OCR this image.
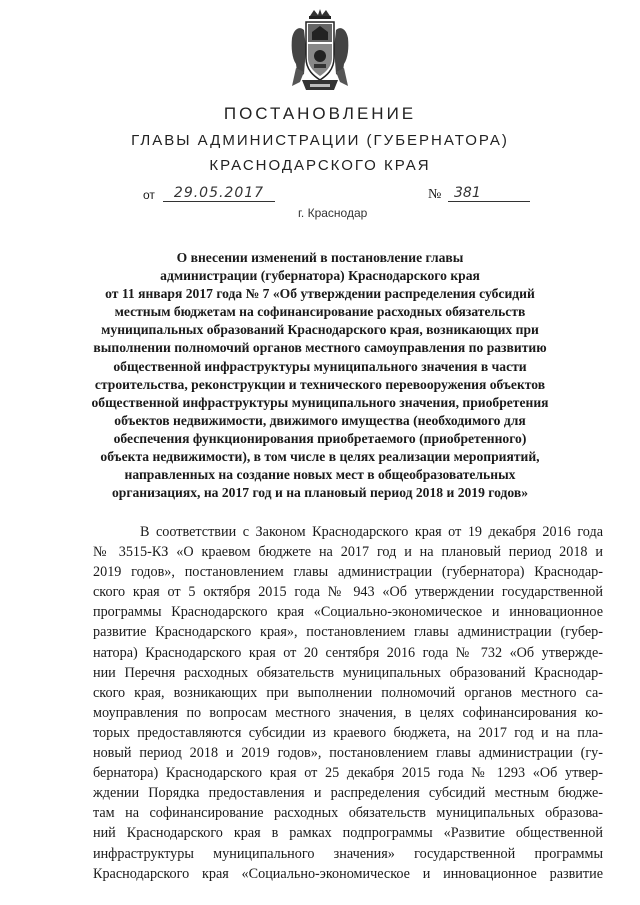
ПОСТАНОВЛЕНИЕ
ГЛАВЫ АДМИНИСТРАЦИИ (ГУБЕРНАТОРА)
КРАСНОДАРСКОГО КРАЯ
от	29.05.2017	№ 381
г. Краснодар
О внесении изменений в постановление главы
администрации (губернатора) Краснодарского края
от 11 января 2017 года № 7 «Об утверждении распределения субсидий
местным бюджетам на софинансирование расходных обязательств
муниципальных образований Краснодарского края, возникающих при
выполнении полномочий органов местного самоуправления по развитию
общественной инфраструктуры муниципального значения в части
строительства, реконструкции и технического перевооружения объектов
общественной инфраструктуры муниципального значения, приобретения
объектов недвижимости, движимого имущества (необходимого для
обеспечения функционирования приобретаемого (приобретенного)
объекта недвижимости), в том числе в целях реализации мероприятий,
направленных на создание новых мест в общеобразовательных
организациях, на 2017 год и на плановый период 2018 и 2019 годов»
В соответствии с Законом Краснодарского края от 19 декабря 2016 года
№ 3515-КЗ «О краевом бюджете на 2017 год и на плановый период 2018 и
2019 годов», постановлением главы администрации (губернатора) Краснодар-
ского края от 5 октября 2015 года № 943 «Об утверждении государственной
программы Краснодарского края «Социально-экономическое и инновационное
развитие Краснодарского края», постановлением главы администрации (губер-
натора) Краснодарского края от 20 сентября 2016 года № 732 «Об утвержде-
нии Перечня расходных обязательств муниципальных образований Краснодар-
ского края, возникающих при выполнении полномочий органов местного са-
моуправления по вопросам местного значения, в целях софинансирования ко-
торых предоставляются субсидии из краевого бюджета, на 2017 год и на пла-
новый период 2018 и 2019 годов», постановлением главы администрации (гу-
бернатора) Краснодарского края от 25 декабря 2015 года № 1293 «Об утвер-
ждении Порядка предоставления и распределения субсидий местным бюдже-
там на софинансирование расходных обязательств муниципальных образова-
ний Краснодарского края в рамках подпрограммы «Развитие общественной
инфраструктуры муниципального значения» государственной программы
Краснодарского края «Социально-экономическое и инновационное развитие
